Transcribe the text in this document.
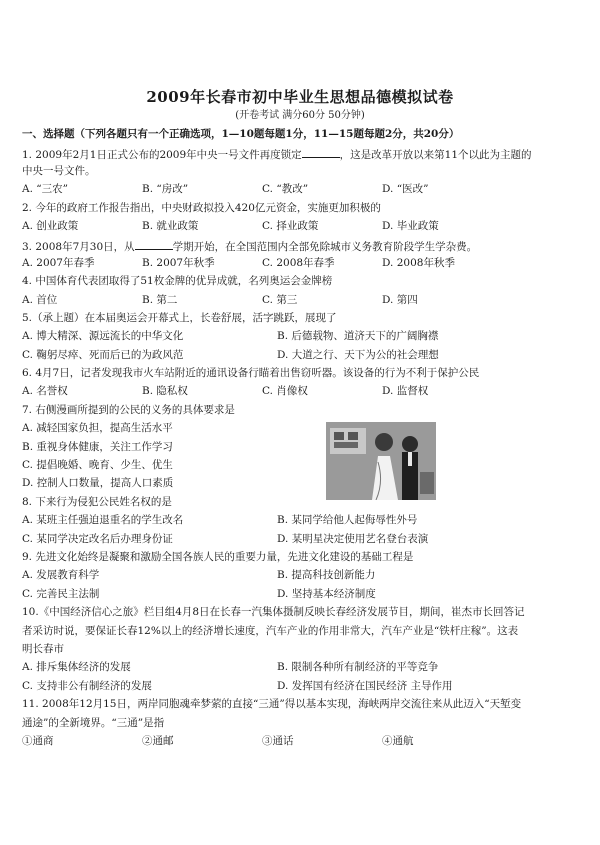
2009年长春市初中毕业生思想品德模拟试卷
(开卷考试 满分60分 50分钟)
一、选择题（下列各题只有一个正确选项，1—10题每题1分，11—15题每题2分，共20分）
1. 2009年2月1日正式公布的2009年中央一号文件再度锁定	，这是改革开放以来第11个以此为主题的
中央一号文件。
A. “三农”	B. “房改”	C. “教改”	D. “医改”
2. 今年的政府工作报告指出，中央财政拟投入420亿元资金，实施更加积极的
A. 创业政策	B. 就业政策	C. 择业政策	D. 毕业政策
3. 2008年7月30日，从	学期开始，在全国范围内全部免除城市义务教育阶段学生学杂费。
A. 2007年春季	B. 2007年秋季	C. 2008年春季	D. 2008年秋季
4. 中国体育代表团取得了51枚金牌的优异成就，名列奥运会金牌榜
A. 首位	B. 第二	C. 第三	D. 第四
5.（承上题）在本届奥运会开幕式上，长卷舒展，活字跳跃，展现了
A. 博大精深、源远流长的中华文化	B. 后德载物、道济天下的广阔胸襟
C. 鞠躬尽瘁、死而后已的为政风范	D. 大道之行、天下为公的社会理想
6. 4月7日，记者发现我市火车站附近的通讯设备行瞄着出售窃听器。该设备的行为不利于保护公民
A. 名誉权	B. 隐私权	C. 肖像权	D. 监督权
7. 右侧漫画所提到的公民的义务的具体要求是
A. 减轻国家负担，提高生活水平
B. 重视身体健康，关注工作学习
C. 提倡晚婚、晚育、少生、优生
D. 控制人口数量，提高人口素质
8. 下来行为侵犯公民姓名权的是
A. 某班主任强迫退重名的学生改名	B. 某同学给他人起侮辱性外号
C. 某同学决定改名后办理身份证	D. 某明星决定使用艺名登台表演
9. 先进文化始终是凝聚和激励全国各族人民的重要力量，先进文化建设的基础工程是
A. 发展教育科学	B. 提高科技创新能力
C. 完善民主法制	D. 坚持基本经济制度
10.《中国经济信心之旅》栏目组4月8日在长春一汽集体摄制反映长春经济发展节目，期间，崔杰市长回答记
者采访时说，要保证长春12%以上的经济增长速度，汽车产业的作用非常大，汽车产业是“铁杆庄稼”。这表
明长春市
A. 排斥集体经济的发展	B. 限制各种所有制经济的平等竞争
C. 支持非公有制经济的发展	D. 发挥国有经济在国民经济 主导作用
11. 2008年12月15日，两岸同胞魂牵梦萦的直接“三通”得以基本实现，海峡两岸交流往来从此迈入“天堑变
通途”的全新境界。“三通”是指
①通商	②通邮	③通话	④通航
